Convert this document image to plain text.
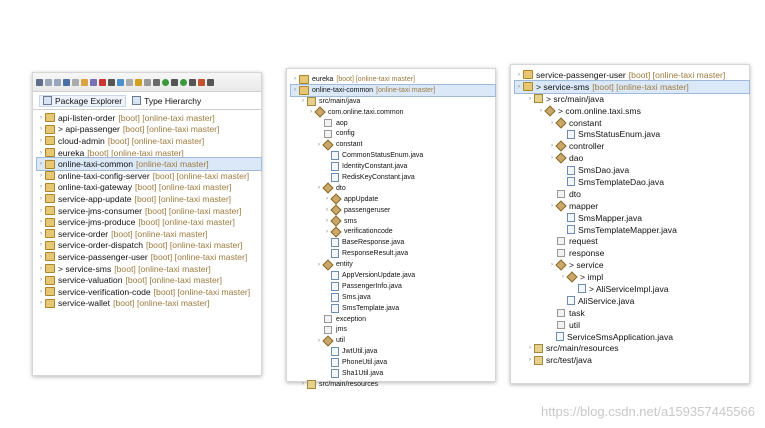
Package Explorer	Type Hierarchy
›	api-listen-order [boot] [online-taxi master]
›	> api-passenger [boot] [online-taxi master]
›	cloud-admin [boot] [online-taxi master]
›	eureka [boot] [online-taxi master]
›	online-taxi-common [online-taxi master]
›	online-taxi-config-server [boot] [online-taxi master]
›	online-taxi-gateway [boot] [online-taxi master]
›	service-app-update [boot] [online-taxi master]
›	service-jms-consumer [boot] [online-taxi master]
›	service-jms-produce [boot] [online-taxi master]
›	service-order [boot] [online-taxi master]
›	service-order-dispatch [boot] [online-taxi master]
›	service-passenger-user [boot] [online-taxi master]
›	> service-sms [boot] [online-taxi master]
›	service-valuation [boot] [online-taxi master]
›	service-verification-code [boot] [online-taxi master]
›	service-wallet [boot] [online-taxi master]
›	eureka [boot] [online-taxi master]
›	online-taxi-common [online-taxi master]
›	src/main/java
›	com.online.taxi.common
aop
config
›	constant
CommonStatusEnum.java
IdentityConstant.java
RedisKeyConstant.java
›	dto
›	appUpdate
›	passengeruser
›	sms
›	verificationcode
BaseResponse.java
ResponseResult.java
›	entity
AppVersionUpdate.java
PassengerInfo.java
Sms.java
SmsTemplate.java
exception
jms
›	util
JwtUtil.java
PhoneUtil.java
Sha1Util.java
›	src/main/resources
›	service-passenger-user [boot] [online-taxi master]
›	> service-sms [boot] [online-taxi master]
›	> src/main/java
›	> com.online.taxi.sms
›	constant
SmsStatusEnum.java
›	controller
›	dao
SmsDao.java
SmsTemplateDao.java
dto
›	mapper
SmsMapper.java
SmsTemplateMapper.java
request
response
›	> service
›	> impl
> AliServiceImpl.java
AliService.java
task
util
ServiceSmsApplication.java
›	src/main/resources
›	src/test/java
https://blog.csdn.net/a159357445566
